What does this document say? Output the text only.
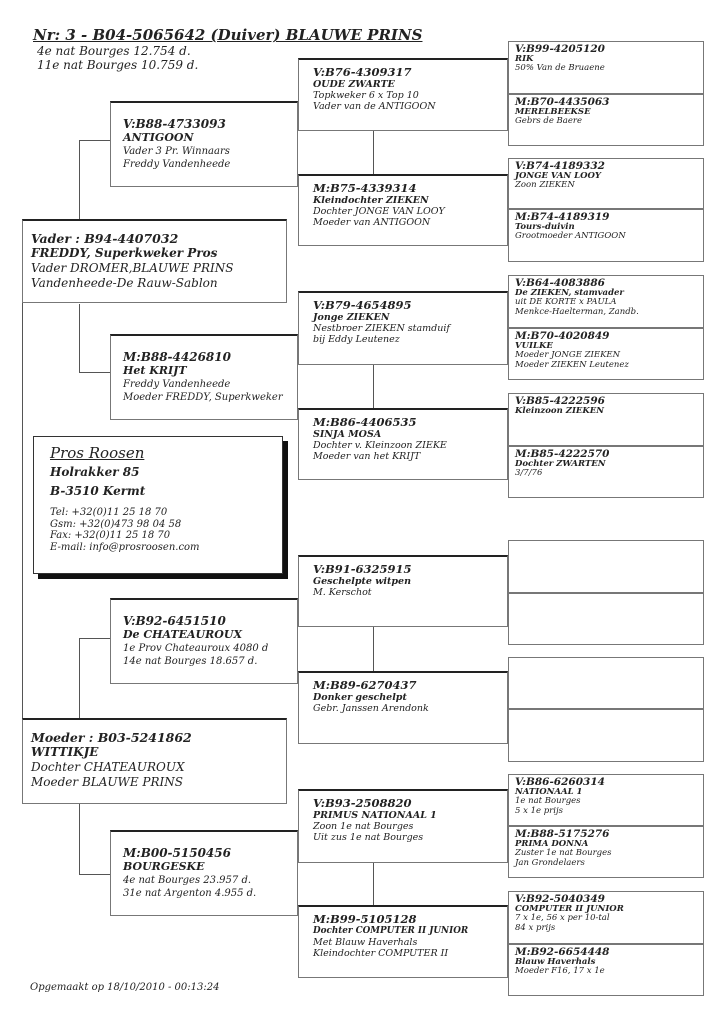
Nr: 3 - B04-5065642 (Duiver) BLAUWE PRINS
4e nat Bourges 12.754 d.
11e nat Bourges 10.759 d.
Vader : B94-4407032
FREDDY, Superkweker Pros
Vader DROMER,BLAUWE PRINS
Vandenheede-De Rauw-Sablon
Moeder : B03-5241862
WITTIKJE
Dochter CHATEAUROUX
Moeder BLAUWE PRINS
V:B88-4733093
ANTIGOON
Vader 3 Pr. Winnaars
Freddy Vandenheede
M:B88-4426810
Het KRIJT
Freddy Vandenheede
Moeder FREDDY, Superkweker
V:B92-6451510
De CHATEAUROUX
1e Prov Chateauroux 4080 d
14e nat Bourges 18.657 d.
M:B00-5150456
BOURGESKE
4e nat Bourges 23.957 d.
31e nat Argenton 4.955 d.
V:B76-4309317
OUDE ZWARTE
Topkweker 6 x Top 10
Vader van de ANTIGOON
M:B75-4339314
Kleindochter ZIEKEN
Dochter JONGE VAN LOOY
Moeder van ANTIGOON
V:B79-4654895
Jonge ZIEKEN
Nestbroer ZIEKEN stamduif
bij Eddy Leutenez
M:B86-4406535
SINJA MOSA
Dochter v. Kleinzoon ZIEKE
Moeder van het KRIJT
V:B91-6325915
Geschelpte witpen
M. Kerschot
M:B89-6270437
Donker geschelpt
Gebr. Janssen Arendonk
V:B93-2508820
PRIMUS NATIONAAL 1
Zoon 1e nat Bourges
Uit zus 1e nat Bourges
M:B99-5105128
Dochter COMPUTER II JUNIOR
Met Blauw Haverhals
Kleindochter COMPUTER II
V:B99-4205120
RIK
50% Van de Bruaene
M:B70-4435063
MERELBEEKSE
Gebrs de Baere
V:B74-4189332
JONGE VAN LOOY
Zoon ZIEKEN
M:B74-4189319
Tours-duivin
Grootmoeder ANTIGOON
V:B64-4083886
De ZIEKEN, stamvader
uit DE KORTE x PAULA
Menkce-Haelterman, Zandb.
M:B70-4020849
VUILKE
Moeder JONGE ZIEKEN
Moeder ZIEKEN Leutenez
V:B85-4222596
Kleinzoon ZIEKEN
M:B85-4222570
Dochter ZWARTEN
3/7/76
V:B86-6260314
NATIONAAL 1
1e nat Bourges
5 x 1e prijs
M:B88-5175276
PRIMA DONNA
Zuster 1e nat Bourges
Jan Grondelaers
V:B92-5040349
COMPUTER II JUNIOR
7 x 1e, 56 x per 10-tal
84 x prijs
M:B92-6654448
Blauw Haverhals
Moeder F16, 17 x 1e
Pros Roosen
Holrakker 85
B-3510 Kermt
Tel: +32(0)11 25 18 70
Gsm: +32(0)473 98 04 58
Fax: +32(0)11 25 18 70
E-mail: info@prosroosen.com
Opgemaakt op 18/10/2010 - 00:13:24
